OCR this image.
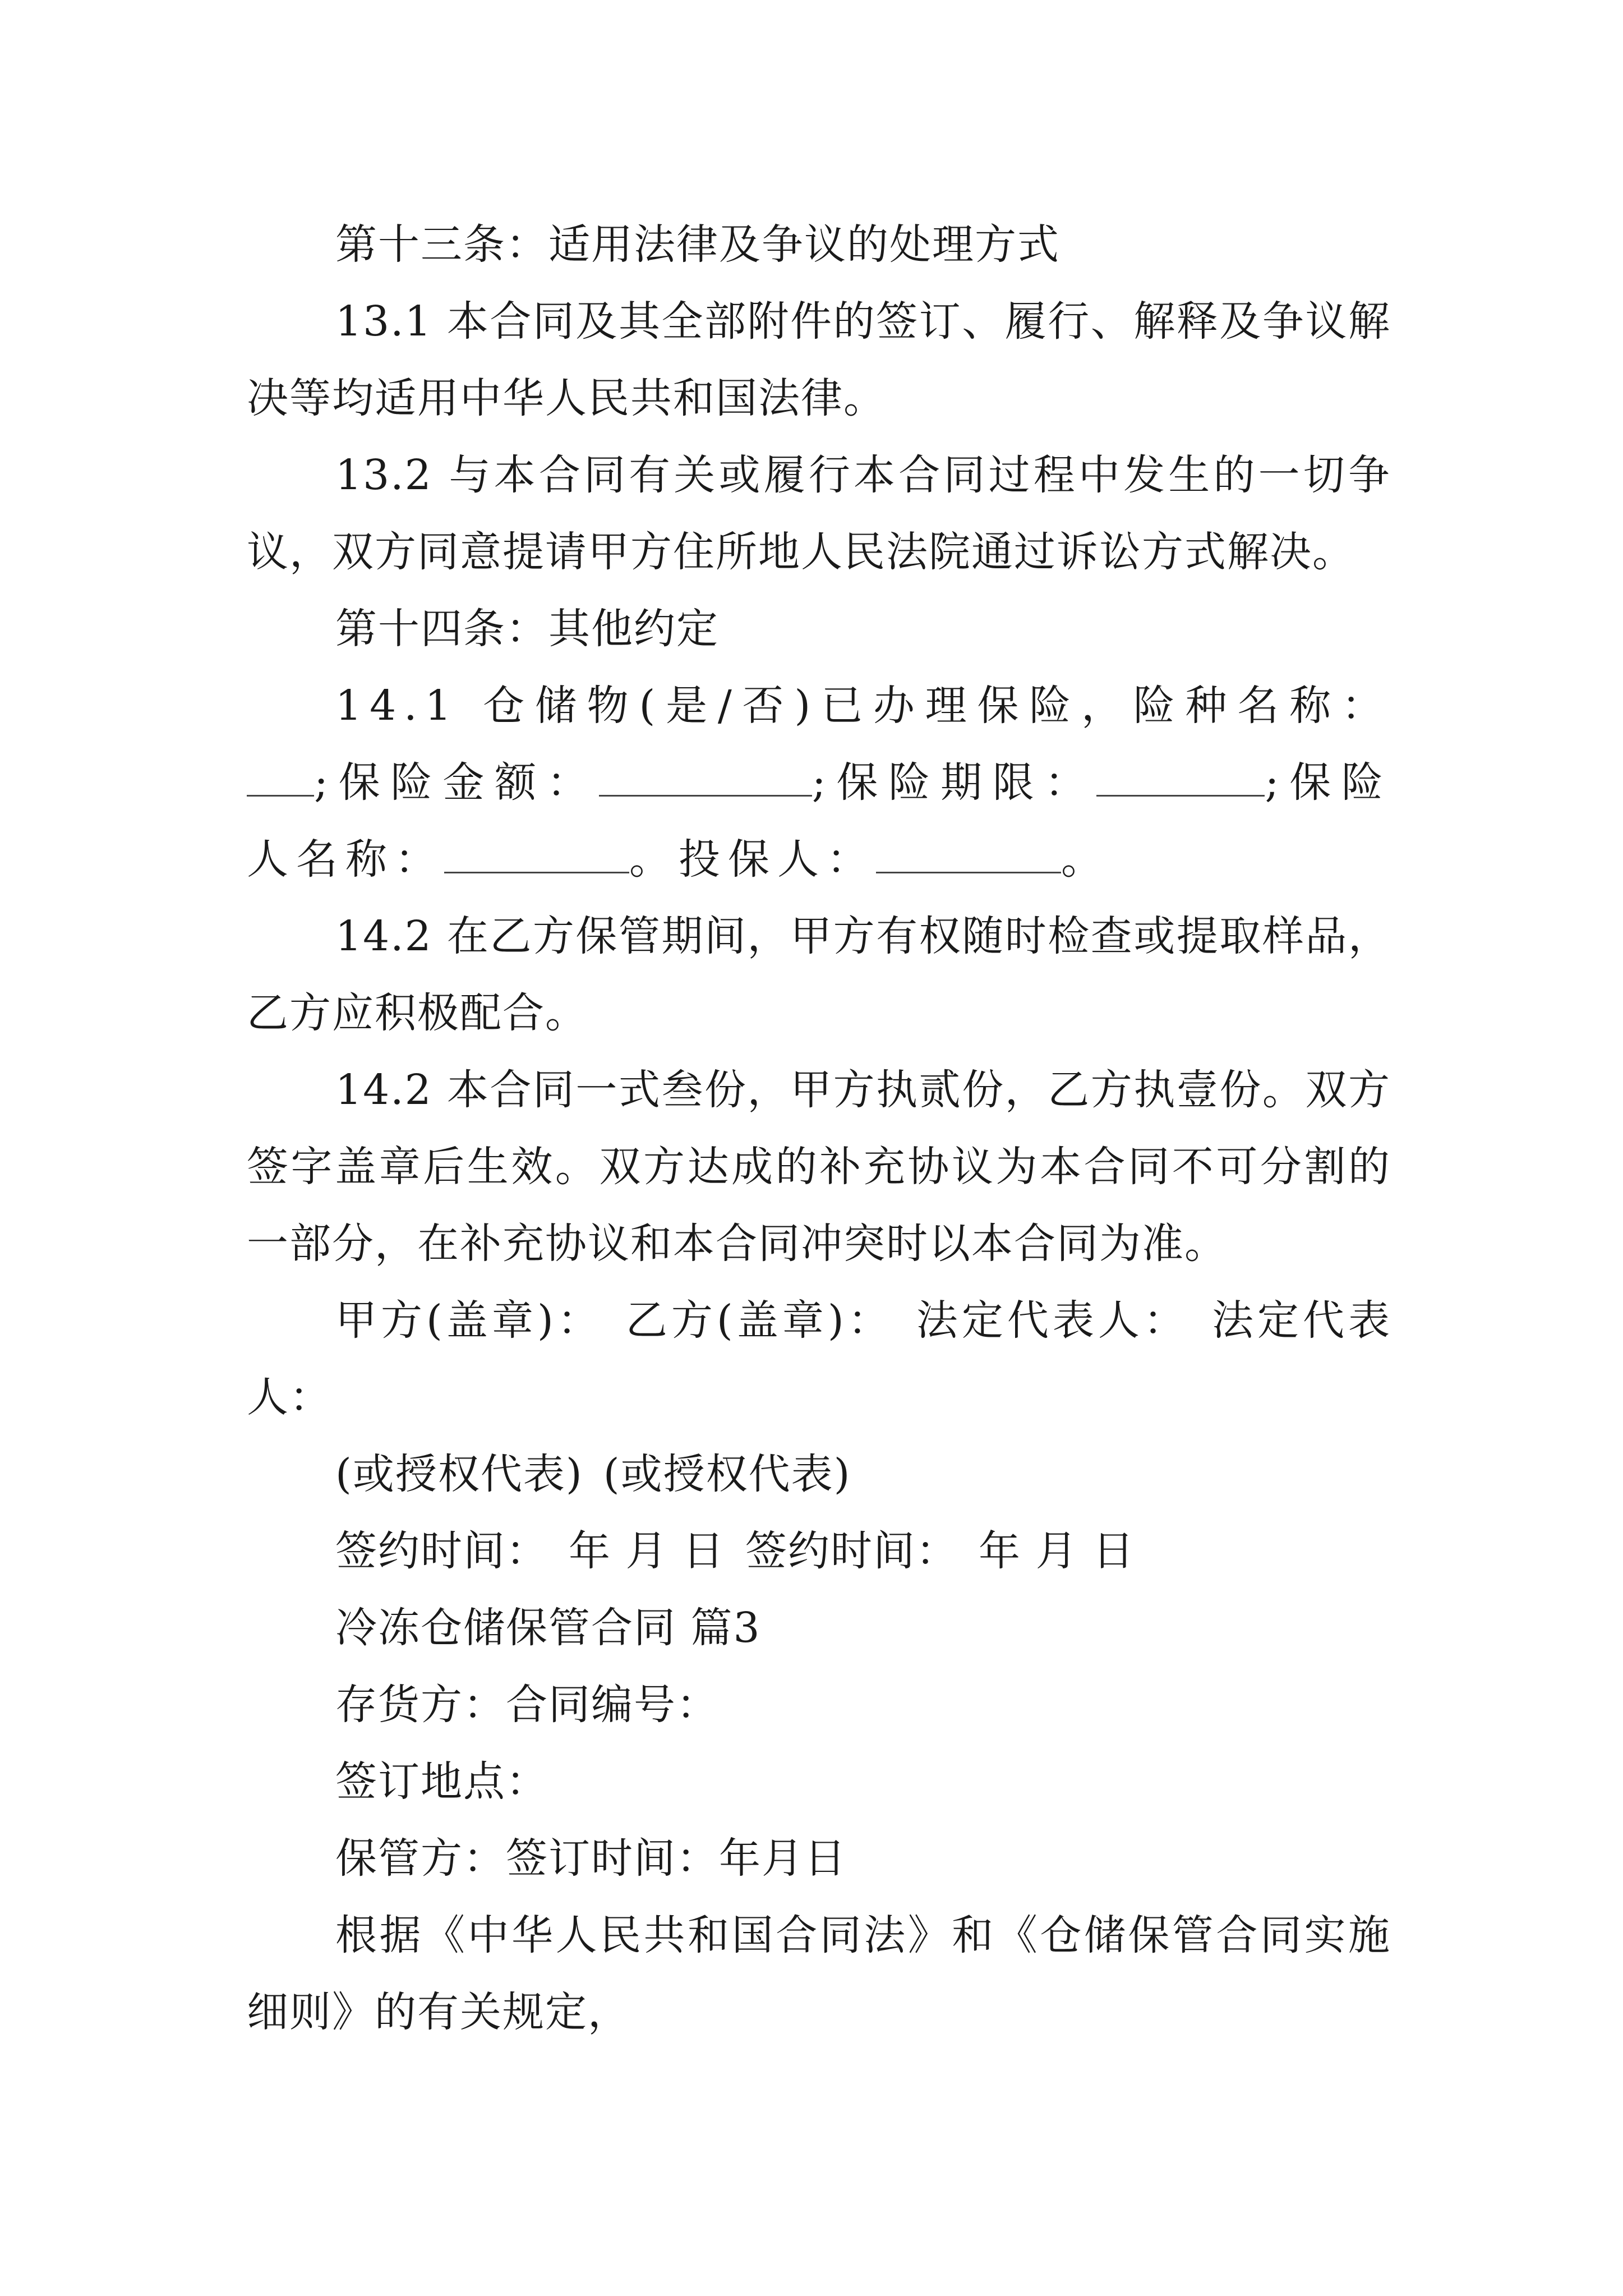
第十三条：适用法律及争议的处理方式

13.1 本合同及其全部附件的签订、履行、解释及争议解决等均适用中华人民共和国法律。

13.2 与本合同有关或履行本合同过程中发生的一切争议，双方同意提请甲方住所地人民法院通过诉讼方式解决。

第十四条：其他约定

14.1 仓储物(是/否)已办理保险，险种名称：;保险金额：	;保险期限：	;保险人名称：	。投保人：	。

14.2 在乙方保管期间，甲方有权随时检查或提取样品，乙方应积极配合。

14.2 本合同一式叁份，甲方执贰份，乙方执壹份。双方签字盖章后生效。双方达成的补充协议为本合同不可分割的一部分，在补充协议和本合同冲突时以本合同为准。

甲方(盖章)： 乙方(盖章)： 法定代表人： 法定代表人：

(或授权代表) (或授权代表)

签约时间： 年 月 日 签约时间： 年 月 日

冷冻仓储保管合同 篇3

存货方：合同编号：

签订地点：

保管方：签订时间：年月日

根据《中华人民共和国合同法》和《仓储保管合同实施细则》的有关规定，
